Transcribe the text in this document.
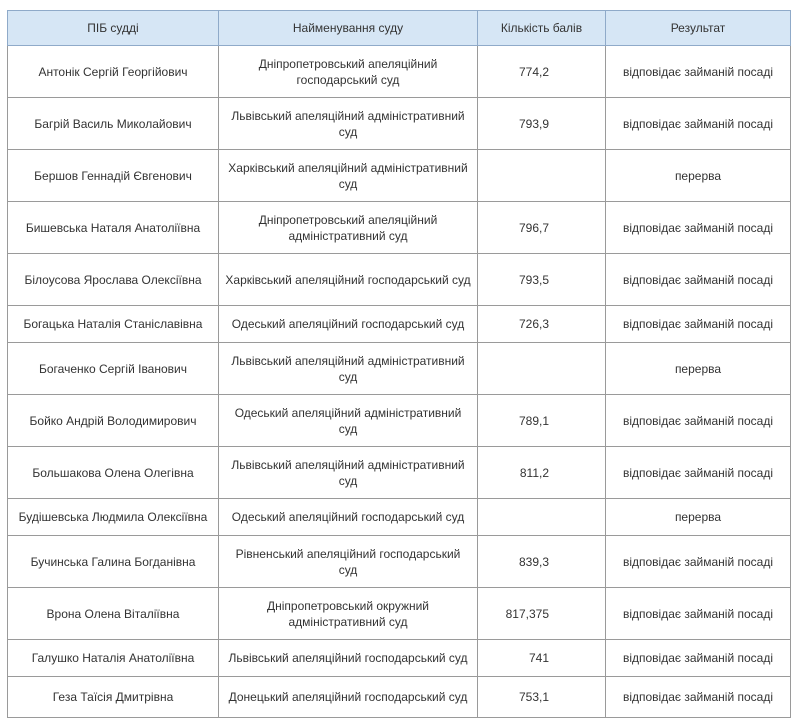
ПІБ судді	Найменування суду	Кількість балів	Результат
Антонік Сергій Георгійович	Дніпропетровський апеляційний господарський суд	774,2	відповідає займаній посаді
Багрій Василь Миколайович	Львівський апеляційний адміністративний суд	793,9	відповідає займаній посаді
Бершов Геннадій Євгенович	Харківський апеляційний адміністративний суд		перерва
Бишевська Наталя Анатоліївна	Дніпропетровський апеляційний адміністративний суд	796,7	відповідає займаній посаді
Білоусова Ярослава Олексіївна	Харківський апеляційний господарський суд	793,5	відповідає займаній посаді
Богацька Наталія Станіславівна	Одеський апеляційний господарський суд	726,3	відповідає займаній посаді
Богаченко Сергій Іванович	Львівський апеляційний адміністративний суд		перерва
Бойко Андрій Володимирович	Одеський апеляційний адміністративний суд	789,1	відповідає займаній посаді
Большакова Олена Олегівна	Львівський апеляційний адміністративний суд	811,2	відповідає займаній посаді
Будішевська Людмила Олексіївна	Одеський апеляційний господарський суд		перерва
Бучинська Галина Богданівна	Рівненський апеляційний господарський суд	839,3	відповідає займаній посаді
Врона Олена Віталіївна	Дніпропетровський окружний адміністративний суд	817,375	відповідає займаній посаді
Галушко Наталія Анатоліївна	Львівський апеляційний господарський суд	741	відповідає займаній посаді
Геза Таїсія Дмитрівна	Донецький апеляційний господарський суд	753,1	відповідає займаній посаді
